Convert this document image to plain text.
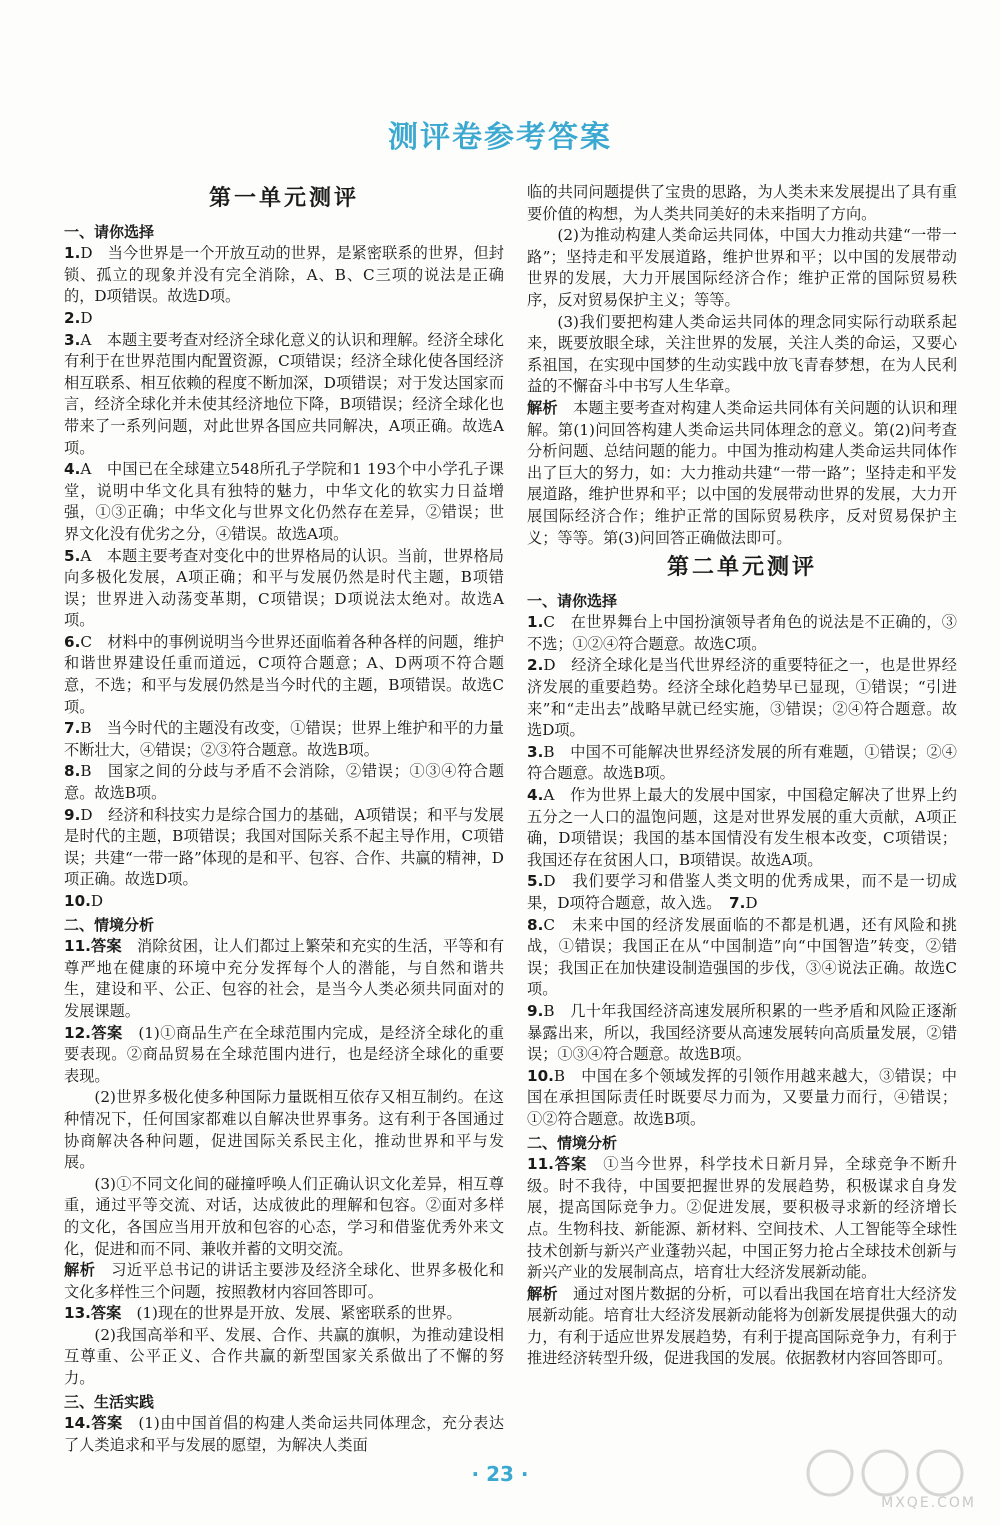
测评卷参考答案
第一单元测评
一、请你选择

1.D　当今世界是一个开放互动的世界，是紧密联系的世界，但封锁、孤立的现象并没有完全消除，A、B、C三项的说法是正确的，D项错误。故选D项。

2.D

3.A　本题主要考查对经济全球化意义的认识和理解。经济全球化有利于在世界范围内配置资源，C项错误；经济全球化使各国经济相互联系、相互依赖的程度不断加深，D项错误；对于发达国家而言，经济全球化并未使其经济地位下降，B项错误；经济全球化也带来了一系列问题，对此世界各国应共同解决，A项正确。故选A项。

4.A　中国已在全球建立548所孔子学院和1 193个中小学孔子课堂，说明中华文化具有独特的魅力，中华文化的软实力日益增强，①③正确；中华文化与世界文化仍然存在差异，②错误；世界文化没有优劣之分，④错误。故选A项。

5.A　本题主要考查对变化中的世界格局的认识。当前，世界格局向多极化发展，A项正确；和平与发展仍然是时代主题，B项错误；世界进入动荡变革期，C项错误；D项说法太绝对。故选A项。

6.C　材料中的事例说明当今世界还面临着各种各样的问题，维护和谐世界建设任重而道远，C项符合题意；A、D两项不符合题意，不选；和平与发展仍然是当今时代的主题，B项错误。故选C项。

7.B　当今时代的主题没有改变，①错误；世界上维护和平的力量不断壮大，④错误；②③符合题意。故选B项。

8.B　国家之间的分歧与矛盾不会消除，②错误；①③④符合题意。故选B项。

9.D　经济和科技实力是综合国力的基础，A项错误；和平与发展是时代的主题，B项错误；我国对国际关系不起主导作用，C项错误；共建“一带一路”体现的是和平、包容、合作、共赢的精神，D项正确。故选D项。

10.D

二、情境分析

11.答案　 消除贫困，让人们都过上繁荣和充实的生活，平等和有尊严地在健康的环境中充分发挥每个人的潜能，与自然和谐共生，建设和平、公正、包容的社会，是当今人类必须共同面对的发展课题。

12.答案　 (1)①商品生产在全球范围内完成，是经济全球化的重要表现。②商品贸易在全球范围内进行，也是经济全球化的重要表现。

(2)世界多极化使多种国际力量既相互依存又相互制约。在这种情况下，任何国家都难以自解决世界事务。这有利于各国通过协商解决各种问题，促进国际关系民主化，推动世界和平与发展。

(3)①不同文化间的碰撞呼唤人们正确认识文化差异，相互尊重，通过平等交流、对话，达成彼此的理解和包容。②面对多样的文化，各国应当用开放和包容的心态，学习和借鉴优秀外来文化，促进和而不同、兼收并蓄的文明交流。

解析　 习近平总书记的讲话主要涉及经济全球化、世界多极化和文化多样性三个问题，按照教材内容回答即可。

13.答案　 (1)现在的世界是开放、发展、紧密联系的世界。

(2)我国高举和平、发展、合作、共赢的旗帜，为推动建设相互尊重、公平正义、合作共赢的新型国家关系做出了不懈的努力。

三、生活实践

14.答案　 (1)由中国首倡的构建人类命运共同体理念，充分表达了人类追求和平与发展的愿望，为解决人类面

临的共同问题提供了宝贵的思路，为人类未来发展提出了具有重要价值的构想，为人类共同美好的未来指明了方向。

(2)为推动构建人类命运共同体，中国大力推动共建“一带一路”；坚持走和平发展道路，维护世界和平；以中国的发展带动世界的发展，大力开展国际经济合作；维护正常的国际贸易秩序，反对贸易保护主义；等等。

(3)我们要把构建人类命运共同体的理念同实际行动联系起来，既要放眼全球，关注世界的发展，关注人类的命运，又要心系祖国，在实现中国梦的生动实践中放飞青春梦想，在为人民利益的不懈奋斗中书写人生华章。

解析　 本题主要考查对构建人类命运共同体有关问题的认识和理解。第(1)问回答构建人类命运共同体理念的意义。第(2)问考查分析问题、总结问题的能力。中国为推动构建人类命运共同体作出了巨大的努力，如：大力推动共建“一带一路”；坚持走和平发展道路，维护世界和平；以中国的发展带动世界的发展，大力开展国际经济合作；维护正常的国际贸易秩序，反对贸易保护主义；等等。第(3)问回答正确做法即可。

第二单元测评
一、请你选择

1.C　在世界舞台上中国扮演领导者角色的说法是不正确的，③不选；①②④符合题意。故选C项。

2.D　经济全球化是当代世界经济的重要特征之一，也是世界经济发展的重要趋势。经济全球化趋势早已显现，①错误；“引进来”和“走出去”战略早就已经实施，③错误；②④符合题意。故选D项。

3.B　中国不可能解决世界经济发展的所有难题，①错误；②④符合题意。故选B项。

4.A　作为世界上最大的发展中国家，中国稳定解决了世界上约五分之一人口的温饱问题，这是对世界发展的重大贡献，A项正确，D项错误；我国的基本国情没有发生根本改变，C项错误；我国还存在贫困人口，B项错误。故选A项。

5.D　我们要学习和借鉴人类文明的优秀成果，而不是一切成果，D项符合题意，故入选。　 7.D

8.C　未来中国的经济发展面临的不都是机遇，还有风险和挑战，①错误；我国正在从“中国制造”向“中国智造”转变，②错误；我国正在加快建设制造强国的步伐，③④说法正确。故选C项。

9.B　几十年我国经济高速发展所积累的一些矛盾和风险正逐渐暴露出来，所以，我国经济要从高速发展转向高质量发展，②错误；①③④符合题意。故选B项。

10.B　中国在多个领域发挥的引领作用越来越大，③错误；中国在承担国际责任时既要尽力而为，又要量力而行，④错误；①②符合题意。故选B项。

二、情境分析

11.答案　 ①当今世界，科学技术日新月异，全球竞争不断升级。时不我待，中国要把握世界的发展趋势，积极谋求自身发展，提高国际竞争力。②促进发展，要积极寻求新的经济增长点。生物科技、新能源、新材料、空间技术、人工智能等全球性技术创新与新兴产业蓬勃兴起，中国正努力抢占全球技术创新与新兴产业的发展制高点，培育壮大经济发展新动能。

解析　 通过对图片数据的分析，可以看出我国在培育壮大经济发展新动能。培育壮大经济发展新动能将为创新发展提供强大的动力，有利于适应世界发展趋势，有利于提高国际竞争力，有利于推进经济转型升级，促进我国的发展。依据教材内容回答即可。

· 23 ·
MXQE.COM
